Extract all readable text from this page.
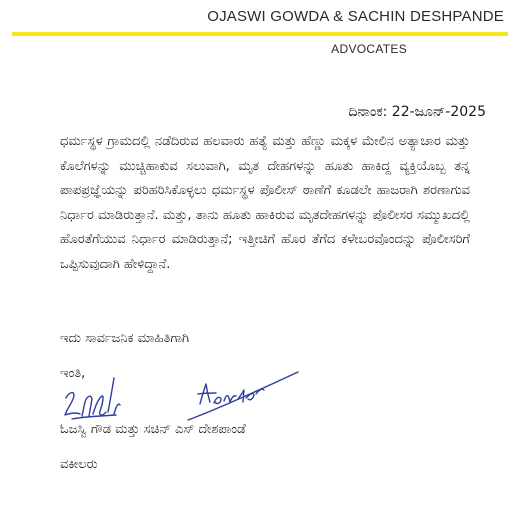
OJASWI GOWDA & SACHIN DESHPANDE
ADVOCATES
ದಿನಾಂಕ: 22-ಜೂನ್-2025

ಧರ್ಮಸ್ಥಳ ಗ್ರಾಮದಲ್ಲಿ ನಡೆದಿರುವ ಹಲವಾರು ಹತ್ಯೆ ಮತ್ತು ಹೆಣ್ಣು ಮಕ್ಕಳ ಮೇಲಿನ ಅತ್ಯಾಚಾರ ಮತ್ತು ಕೊಲೆಗಳನ್ನು ಮುಚ್ಚಿಹಾಕುವ ಸಲುವಾಗಿ, ಮೃತ ದೇಹಗಳನ್ನು ಹೂತು ಹಾಕಿದ್ದ ವ್ಯಕ್ತಿಯೊಬ್ಬ ತನ್ನ ಪಾಪಪ್ರಜ್ಞೆಯನ್ನು ಪರಿಹರಿಸಿಕೊಳ್ಳಲು ಧರ್ಮಸ್ಥಳ ಪೊಲೀಸ್ ಠಾಣೆಗೆ ಕೂಡಲೇ ಹಾಜರಾಗಿ ಶರಣಾಗುವ ನಿರ್ಧಾರ ಮಾಡಿರುತ್ತಾನೆ. ಮತ್ತು, ತಾನು ಹೂತು ಹಾಕಿರುವ ಮೃತದೇಹಗಳನ್ನು ಪೊಲೀಸರ ಸಮ್ಮುಖದಲ್ಲಿ ಹೊರತೆಗೆಯುವ ನಿರ್ಧಾರ ಮಾಡಿರುತ್ತಾನೆ; ಇತ್ತೀಚಿಗೆ ಹೊರ ತೆಗೆದ ಕಳೇಬರವೊಂದನ್ನು ಪೊಲೀಸರಿಗೆ ಒಪ್ಪಿಸುವುದಾಗಿ ಹೇಳಿದ್ದಾನೆ.

ಇದು ಸಾರ್ವಜನಿಕ ಮಾಹಿತಿಗಾಗಿ
ಇಂತಿ,
ಓಜಸ್ವಿ ಗೌಡ ಮತ್ತು ಸಚಿನ್ ಎಸ್ ದೇಶಪಾಂಡೆ
ವಕೀಲರು
